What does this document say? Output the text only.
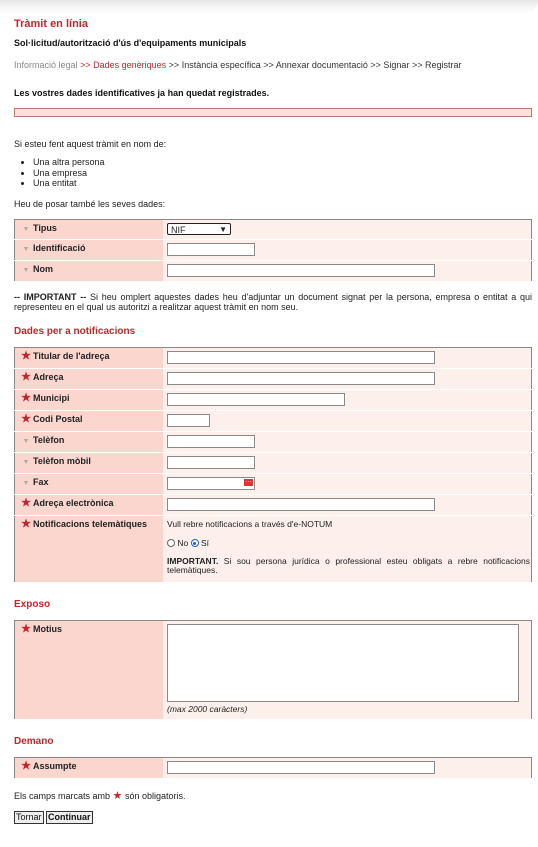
Tràmit en línia
Sol·licitud/autorització d'ús d'equipaments municipals
Informació legal >> Dades genèriques >> Instància específica >> Annexar documentació >> Signar >> Registrar
Les vostres dades identificatives ja han quedat registrades.
Si esteu fent aquest tràmit en nom de:
• Una altra persona
• Una empresa
• Una entitat
Heu de posar també les seves dades:
▼ Tipus	NIF ▼

▼ Identificació	
▼ Nom	
-- IMPORTANT -- Si heu omplert aquestes dades heu d'adjuntar un document signat per la persona, empresa o entitat a qui representeu en el qual us autoritzi a realitzar aquest tràmit en nom seu.
Dades per a notificacions
★ Titular de l'adreça	
★ Adreça	
★ Municipi	
★ Codi Postal	
▼ Telèfon	
▼ Telèfon mòbil	
▼ Fax	···

★ Adreça electrònica	
★ Notificacions telemàtiques	Vull rebre notificacions a través d'e-NOTUM
No Sí
IMPORTANT. Si sou persona jurídica o professional esteu obligats a rebre notificacions telemàtiques.
Exposo
★ Motius	
(max 2000 caràcters)
Demano
★ Assumpte	
Els camps marcats amb ★ són obligatoris.
Tornar Continuar
